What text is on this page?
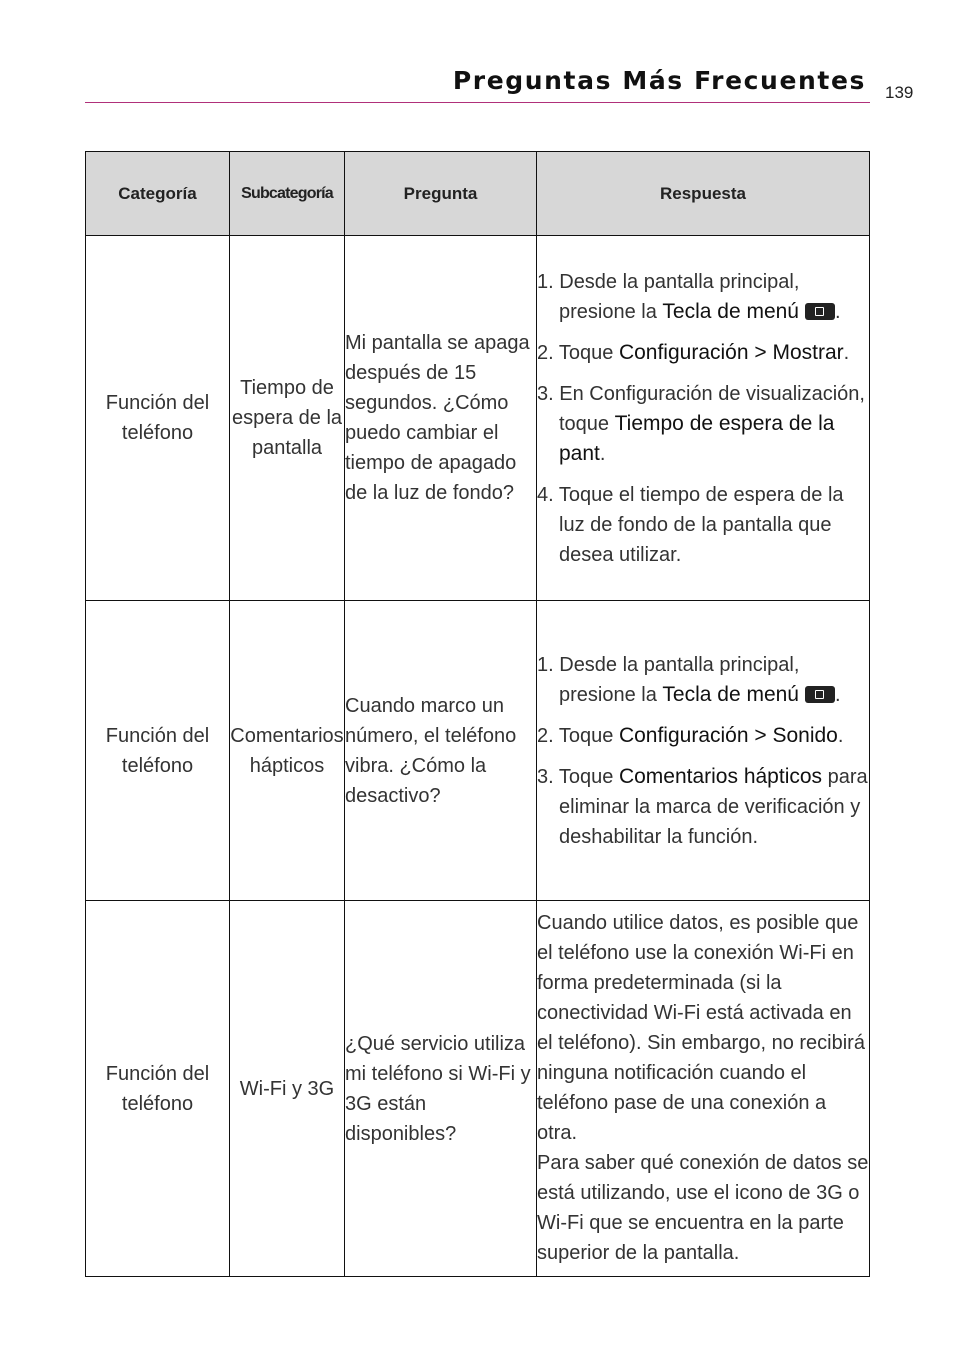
Preguntas Más Frecuentes 139
Categoría	Subcategoría	Pregunta	Respuesta
Función del teléfono	Tiempo de espera de la pantalla	Mi pantalla se apaga después de 15 segundos. ¿Cómo puedo cambiar el tiempo de apagado de la luz de fondo?	1. Desde la pantalla principal, presione la Tecla de menú .
2. Toque Configuración > Mostrar.
3. En Configuración de visualización, toque Tiempo de espera de la pant.
4. Toque el tiempo de espera de la luz de fondo de la pantalla que desea utilizar.

Función del teléfono	Comentarios hápticos	Cuando marco un número, el teléfono vibra. ¿Cómo la desactivo?	1. Desde la pantalla principal, presione la Tecla de menú .
2. Toque Configuración > Sonido.
3. Toque Comentarios hápticos para eliminar la marca de verificación y deshabilitar la función.

Función del teléfono	Wi-Fi y 3G	¿Qué servicio utiliza mi teléfono si Wi-Fi y 3G están disponibles?	Cuando utilice datos, es posible que el teléfono use la conexión Wi-Fi en forma predeterminada (si la conectividad Wi-Fi está activada en el teléfono). Sin embargo, no recibirá ninguna notificación cuando el teléfono pase de una conexión a otra.

Para saber qué conexión de datos se está utilizando, use el icono de 3G o Wi-Fi que se encuentra en la parte superior de la pantalla.
